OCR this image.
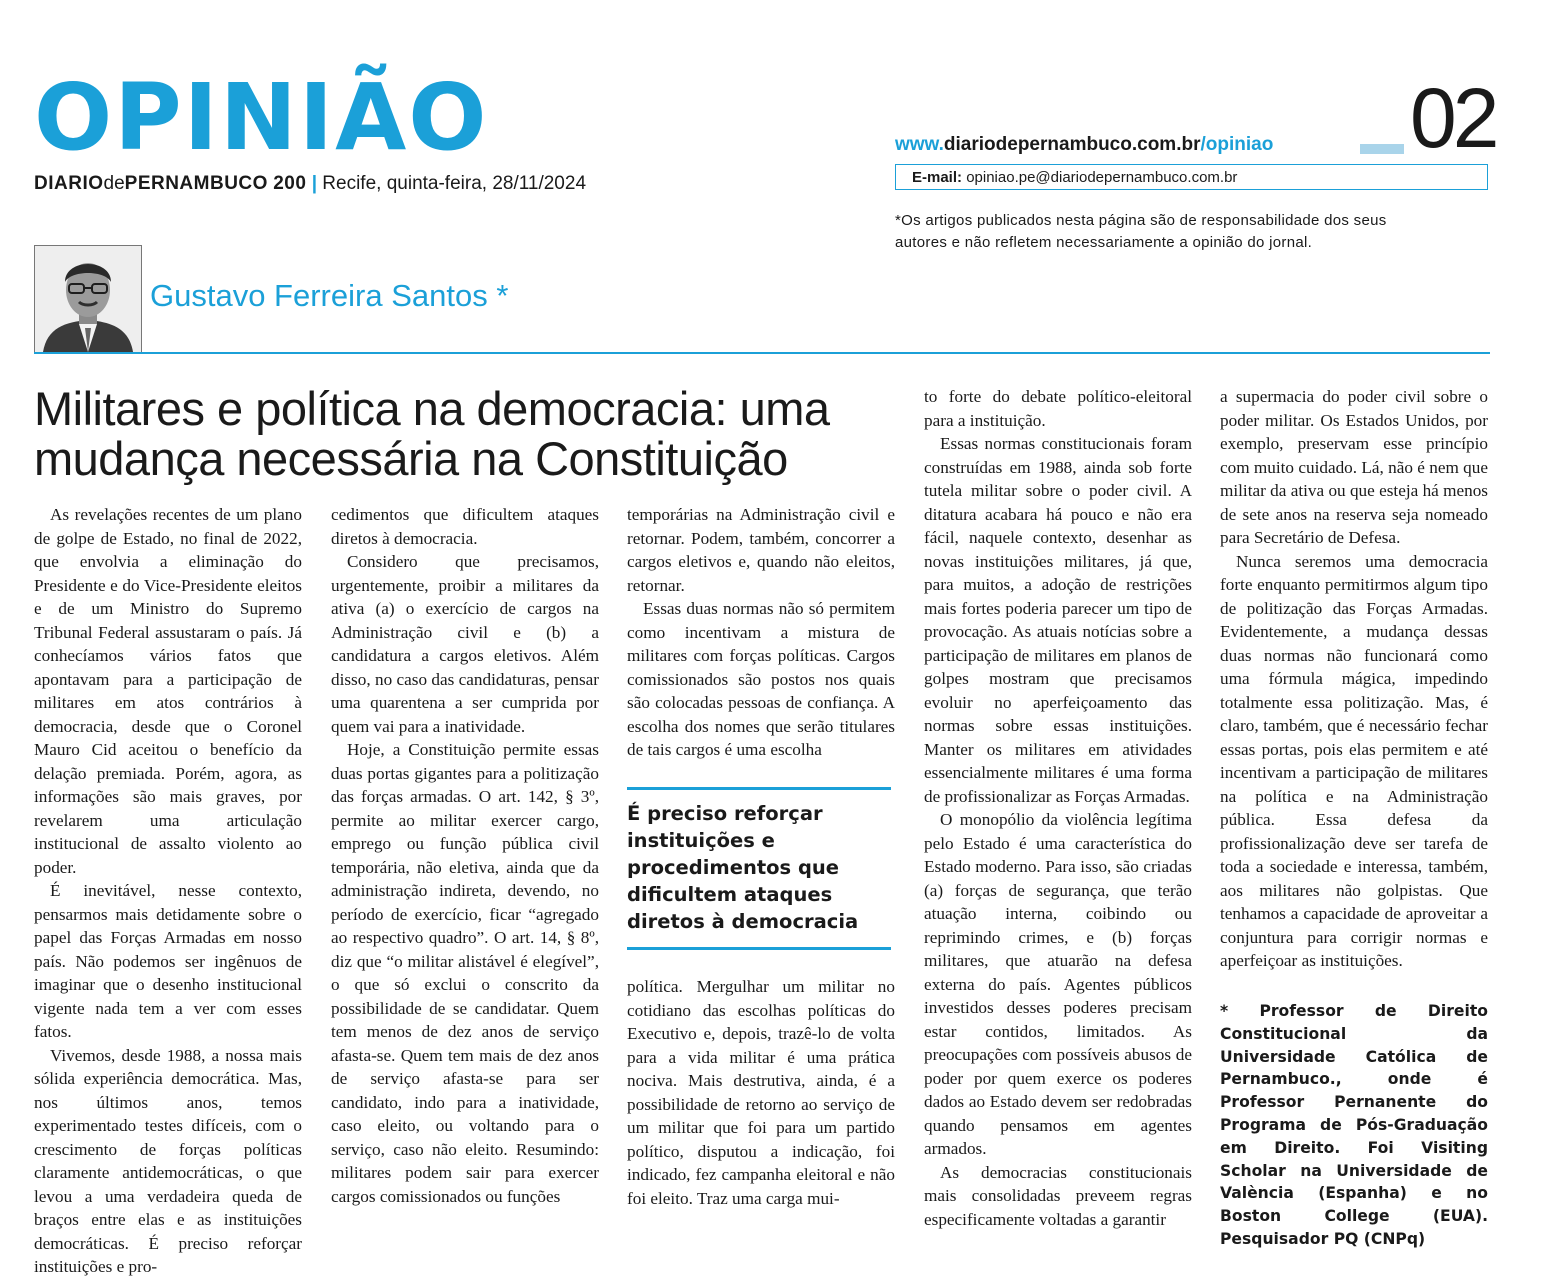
OPINIÃO
DIARIOdePERNAMBUCO 200 | Recife, quinta-feira, 28/11/2024
www.diariodepernambuco.com.br/opiniao 02
E-mail: opiniao.pe@diariodepernambuco.com.br
*Os artigos publicados nesta página são de responsabilidade dos seus autores e não refletem necessariamente a opinião do jornal.
Gustavo Ferreira Santos *
Militares e política na democracia: uma mudança necessária na Constituição

As revelações recentes de um plano de golpe de Estado, no final de 2022, que envolvia a eliminação do Presidente e do Vice-Presidente eleitos e de um Ministro do Supremo Tribunal Federal assustaram o país. Já conhecíamos vários fatos que apontavam para a participação de militares em atos contrários à democracia, desde que o Coronel Mauro Cid aceitou o benefício da delação premiada. Porém, agora, as informações são mais graves, por revelarem uma articulação institucional de assalto violento ao poder.

É inevitável, nesse contexto, pensarmos mais detidamente sobre o papel das Forças Armadas em nosso país. Não podemos ser ingênuos de imaginar que o desenho institucional vigente nada tem a ver com esses fatos.

Vivemos, desde 1988, a nossa mais sólida experiência democrática. Mas, nos últimos anos, temos experimentado testes difíceis, com o crescimento de forças políticas claramente antidemocráticas, o que levou a uma verdadeira queda de braços entre elas e as instituições democráticas. É preciso reforçar instituições e pro-

cedimentos que dificultem ataques diretos à democracia.

Considero que precisamos, urgentemente, proibir a militares da ativa (a) o exercício de cargos na Administração civil e (b) a candidatura a cargos eletivos. Além disso, no caso das candidaturas, pensar uma quarentena a ser cumprida por quem vai para a inatividade.

Hoje, a Constituição permite essas duas portas gigantes para a politização das forças armadas. O art. 142, § 3º, permite ao militar exercer cargo, emprego ou função pública civil temporária, não eletiva, ainda que da administração indireta, devendo, no período de exercício, ficar “agregado ao respectivo quadro”. O art. 14, § 8º, diz que “o militar alistável é elegível”, o que só exclui o conscrito da possibilidade de se candidatar. Quem tem menos de dez anos de serviço afasta-se. Quem tem mais de dez anos de serviço afasta-se para ser candidato, indo para a inatividade, caso eleito, ou voltando para o serviço, caso não eleito. Resumindo: militares podem sair para exercer cargos comissionados ou funções

temporárias na Administração civil e retornar. Podem, também, concorrer a cargos eletivos e, quando não eleitos, retornar.

Essas duas normas não só permitem como incentivam a mistura de militares com forças políticas. Cargos comissionados são postos nos quais são colocadas pessoas de confiança. A escolha dos nomes que serão titulares de tais cargos é uma escolha

É preciso reforçar instituições e procedimentos que dificultem ataques diretos à democracia

política. Mergulhar um militar no cotidiano das escolhas políticas do Executivo e, depois, trazê-lo de volta para a vida militar é uma prática nociva. Mais destrutiva, ainda, é a possibilidade de retorno ao serviço de um militar que foi para um partido político, disputou a indicação, foi indicado, fez campanha eleitoral e não foi eleito. Traz uma carga mui-

to forte do debate político-eleitoral para a instituição.

Essas normas constitucionais foram construídas em 1988, ainda sob forte tutela militar sobre o poder civil. A ditatura acabara há pouco e não era fácil, naquele contexto, desenhar as novas instituições militares, já que, para muitos, a adoção de restrições mais fortes poderia parecer um tipo de provocação. As atuais notícias sobre a participação de militares em planos de golpes mostram que precisamos evoluir no aperfeiçoamento das normas sobre essas instituições. Manter os militares em atividades essencialmente militares é uma forma de profissionalizar as Forças Armadas.

O monopólio da violência legítima pelo Estado é uma característica do Estado moderno. Para isso, são criadas (a) forças de segurança, que terão atuação interna, coibindo ou reprimindo crimes, e (b) forças militares, que atuarão na defesa externa do país. Agentes públicos investidos desses poderes precisam estar contidos, limitados. As preocupações com possíveis abusos de poder por quem exerce os poderes dados ao Estado devem ser redobradas quando pensamos em agentes armados.

As democracias constitucionais mais consolidadas preveem regras especificamente voltadas a garantir

a supermacia do poder civil sobre o poder militar. Os Estados Unidos, por exemplo, preservam esse princípio com muito cuidado. Lá, não é nem que militar da ativa ou que esteja há menos de sete anos na reserva seja nomeado para Secretário de Defesa.

Nunca seremos uma democracia forte enquanto permitirmos algum tipo de politização das Forças Armadas. Evidentemente, a mudança dessas duas normas não funcionará como uma fórmula mágica, impedindo totalmente essa politização. Mas, é claro, também, que é necessário fechar essas portas, pois elas permitem e até incentivam a participação de militares na política e na Administração pública. Essa defesa da profissionalização deve ser tarefa de toda a sociedade e interessa, também, aos militares não golpistas. Que tenhamos a capacidade de aproveitar a conjuntura para corrigir normas e aperfeiçoar as instituições.

* Professor de Direito Constitucional da Universidade Católica de Pernambuco., onde é Professor Pernanente do Programa de Pós-Graduação em Direito. Foi Visiting Scholar na Universidade de València (Espanha) e no Boston College (EUA). Pesquisador PQ (CNPq)
